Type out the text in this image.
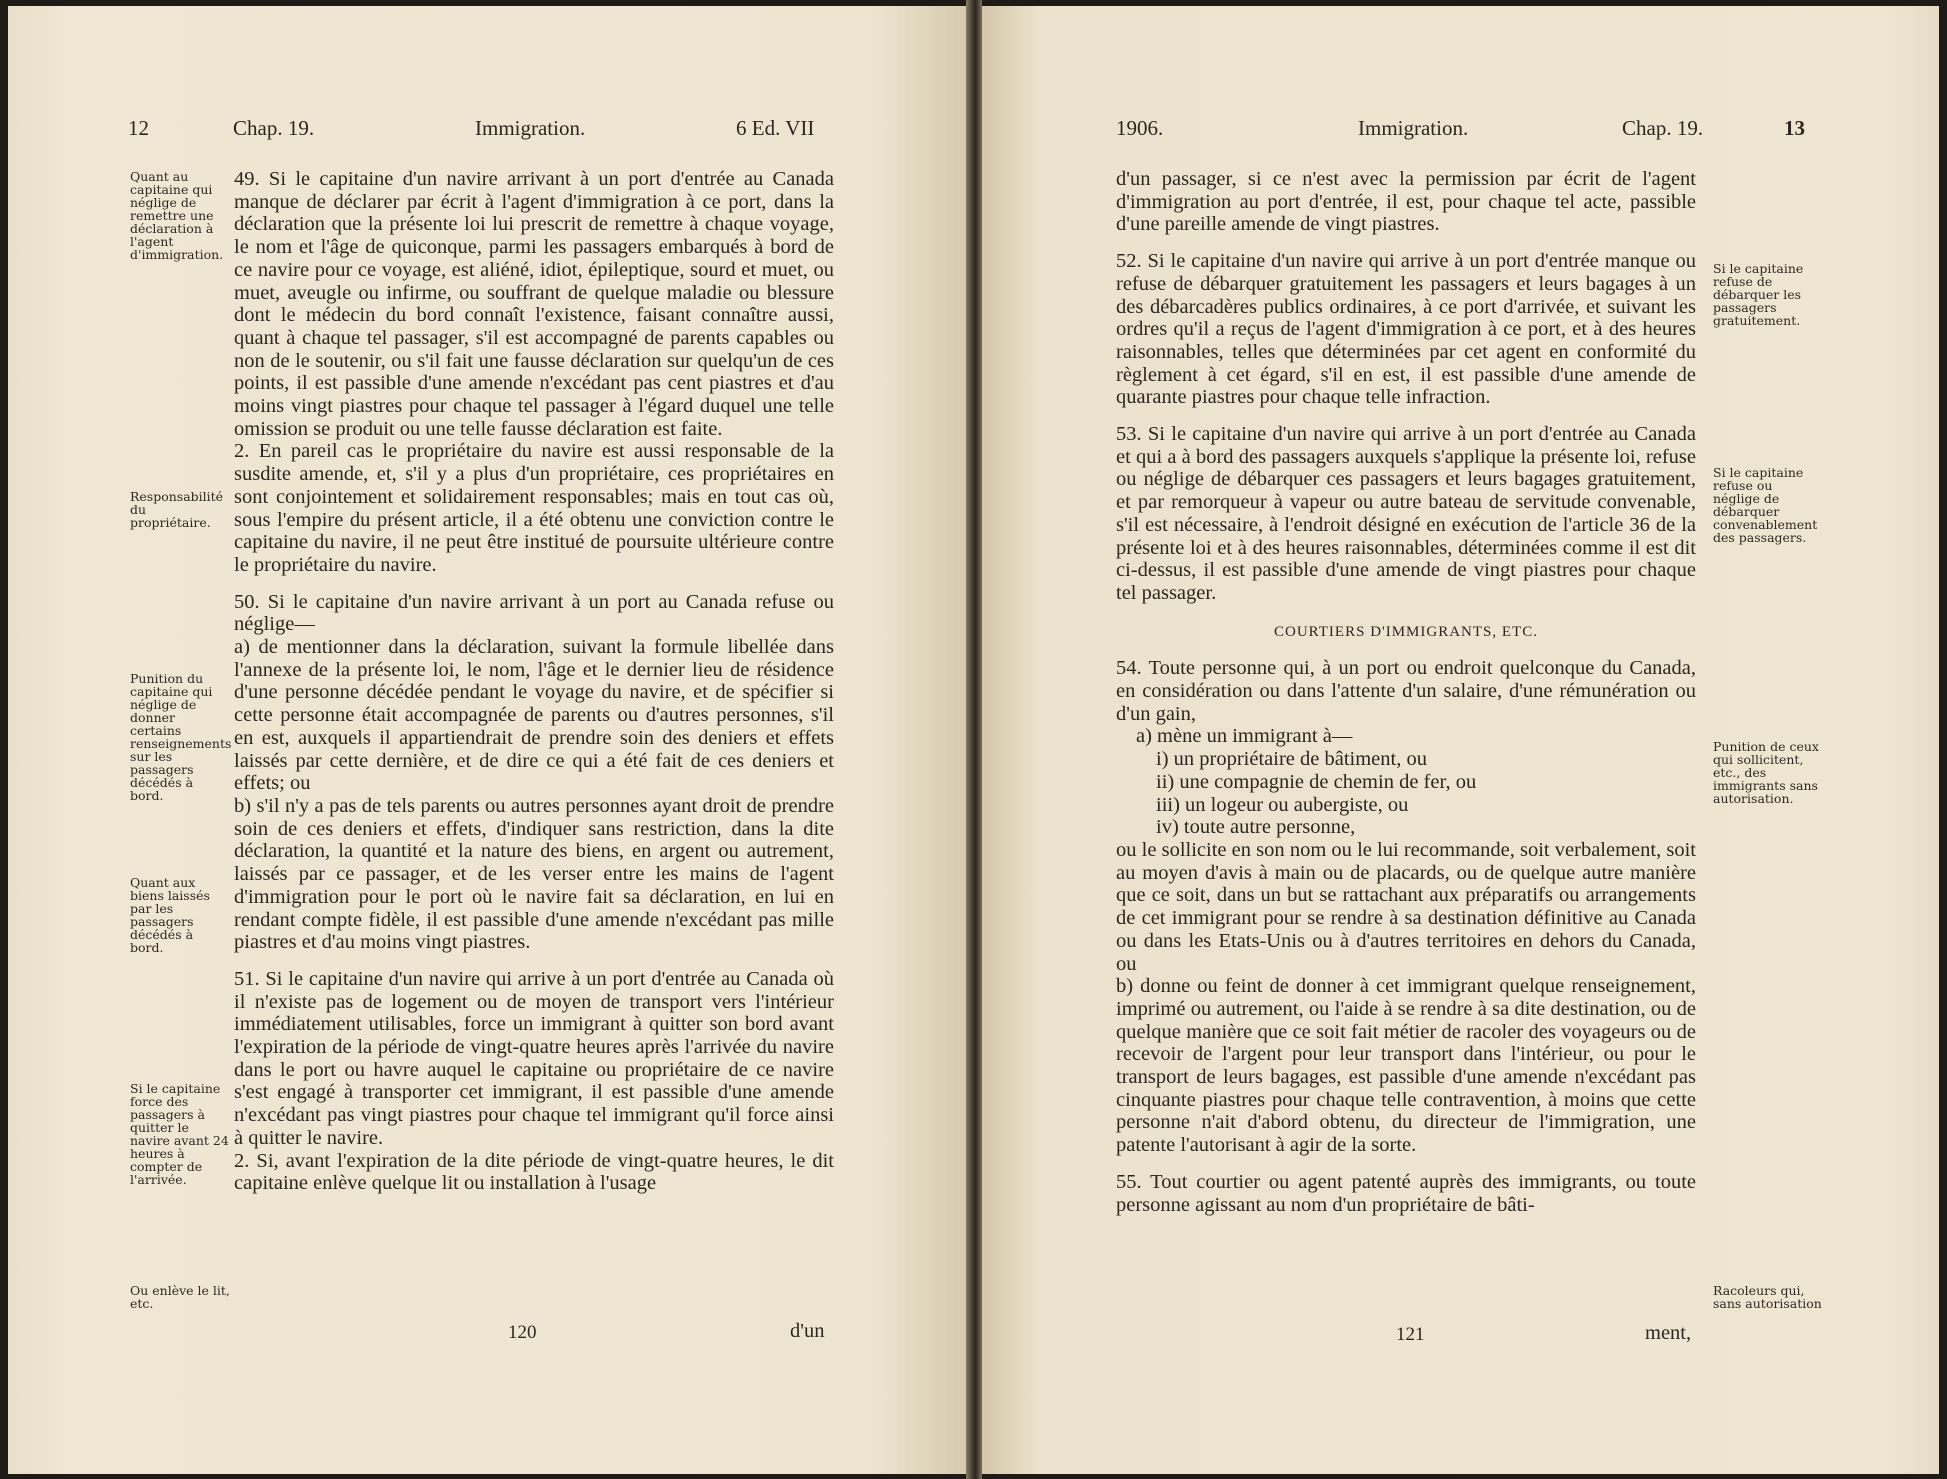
12	Chap. 19.	Immigration.	6 Ed. VII
Quant au capitaine qui néglige de remettre une déclaration à l'agent d'immigration.
Responsabilité du propriétaire.
Punition du capitaine qui néglige de donner certains renseignements sur les passagers décédés à bord.
Quant aux biens laissés par les passagers décédés à bord.
Si le capitaine force des passagers à quitter le navire avant 24 heures à compter de l'arrivée.
Ou enlève le lit, etc.

49. Si le capitaine d'un navire arrivant à un port d'entrée au Canada manque de déclarer par écrit à l'agent d'immigration à ce port, dans la déclaration que la présente loi lui prescrit de remettre à chaque voyage, le nom et l'âge de quiconque, parmi les passagers embarqués à bord de ce navire pour ce voyage, est aliéné, idiot, épileptique, sourd et muet, ou muet, aveugle ou infirme, ou souffrant de quelque maladie ou blessure dont le médecin du bord connaît l'existence, faisant connaître aussi, quant à chaque tel passager, s'il est accompagné de parents capables ou non de le soutenir, ou s'il fait une fausse déclaration sur quelqu'un de ces points, il est passible d'une amende n'excédant pas cent piastres et d'au moins vingt piastres pour chaque tel passager à l'égard duquel une telle omission se produit ou une telle fausse déclaration est faite.

2. En pareil cas le propriétaire du navire est aussi responsable de la susdite amende, et, s'il y a plus d'un propriétaire, ces propriétaires en sont conjointement et solidairement responsables; mais en tout cas où, sous l'empire du présent article, il a été obtenu une conviction contre le capitaine du navire, il ne peut être institué de poursuite ultérieure contre le propriétaire du navire.

50. Si le capitaine d'un navire arrivant à un port au Canada refuse ou néglige—

a) de mentionner dans la déclaration, suivant la formule libellée dans l'annexe de la présente loi, le nom, l'âge et le dernier lieu de résidence d'une personne décédée pendant le voyage du navire, et de spécifier si cette personne était accompagnée de parents ou d'autres personnes, s'il en est, auxquels il appartiendrait de prendre soin des deniers et effets laissés par cette dernière, et de dire ce qui a été fait de ces deniers et effets; ou

b) s'il n'y a pas de tels parents ou autres personnes ayant droit de prendre soin de ces deniers et effets, d'indiquer sans restriction, dans la dite déclaration, la quantité et la nature des biens, en argent ou autrement, laissés par ce passager, et de les verser entre les mains de l'agent d'immigration pour le port où le navire fait sa déclaration, en lui en rendant compte fidèle, il est passible d'une amende n'excédant pas mille piastres et d'au moins vingt piastres.

51. Si le capitaine d'un navire qui arrive à un port d'entrée au Canada où il n'existe pas de logement ou de moyen de transport vers l'intérieur immédiatement utilisables, force un immigrant à quitter son bord avant l'expiration de la période de vingt-quatre heures après l'arrivée du navire dans le port ou havre auquel le capitaine ou propriétaire de ce navire s'est engagé à transporter cet immigrant, il est passible d'une amende n'excédant pas vingt piastres pour chaque tel immigrant qu'il force ainsi à quitter le navire.

2. Si, avant l'expiration de la dite période de vingt-quatre heures, le dit capitaine enlève quelque lit ou installation à l'usage

120	d'un
1906.	Immigration.	Chap. 19.	13
Si le capitaine refuse de débarquer les passagers gratuitement.
Si le capitaine refuse ou néglige de débarquer convenablement des passagers.
Punition de ceux qui sollicitent, etc., des immigrants sans autorisation.
Racoleurs qui, sans autorisation

d'un passager, si ce n'est avec la permission par écrit de l'agent d'immigration au port d'entrée, il est, pour chaque tel acte, passible d'une pareille amende de vingt piastres.

52. Si le capitaine d'un navire qui arrive à un port d'entrée manque ou refuse de débarquer gratuitement les passagers et leurs bagages à un des débarcadères publics ordinaires, à ce port d'arrivée, et suivant les ordres qu'il a reçus de l'agent d'immigration à ce port, et à des heures raisonnables, telles que déterminées par cet agent en conformité du règlement à cet égard, s'il en est, il est passible d'une amende de quarante piastres pour chaque telle infraction.

53. Si le capitaine d'un navire qui arrive à un port d'entrée au Canada et qui a à bord des passagers auxquels s'applique la présente loi, refuse ou néglige de débarquer ces passagers et leurs bagages gratuitement, et par remorqueur à vapeur ou autre bateau de servitude convenable, s'il est nécessaire, à l'endroit désigné en exécution de l'article 36 de la présente loi et à des heures raisonnables, déterminées comme il est dit ci-dessus, il est passible d'une amende de vingt piastres pour chaque tel passager.

COURTIERS D'IMMIGRANTS, ETC.

54. Toute personne qui, à un port ou endroit quelconque du Canada, en considération ou dans l'attente d'un salaire, d'une rémunération ou d'un gain,

a) mène un immigrant à—

i) un propriétaire de bâtiment, ou

ii) une compagnie de chemin de fer, ou

iii) un logeur ou aubergiste, ou

iv) toute autre personne,

ou le sollicite en son nom ou le lui recommande, soit verbalement, soit au moyen d'avis à main ou de placards, ou de quelque autre manière que ce soit, dans un but se rattachant aux préparatifs ou arrangements de cet immigrant pour se rendre à sa destination définitive au Canada ou dans les Etats-Unis ou à d'autres territoires en dehors du Canada, ou

b) donne ou feint de donner à cet immigrant quelque renseignement, imprimé ou autrement, ou l'aide à se rendre à sa dite destination, ou de quelque manière que ce soit fait métier de racoler des voyageurs ou de recevoir de l'argent pour leur transport dans l'intérieur, ou pour le transport de leurs bagages, est passible d'une amende n'excédant pas cinquante piastres pour chaque telle contravention, à moins que cette personne n'ait d'abord obtenu, du directeur de l'immigration, une patente l'autorisant à agir de la sorte.

55. Tout courtier ou agent patenté auprès des immigrants, ou toute personne agissant au nom d'un propriétaire de bâti-

121	ment,
